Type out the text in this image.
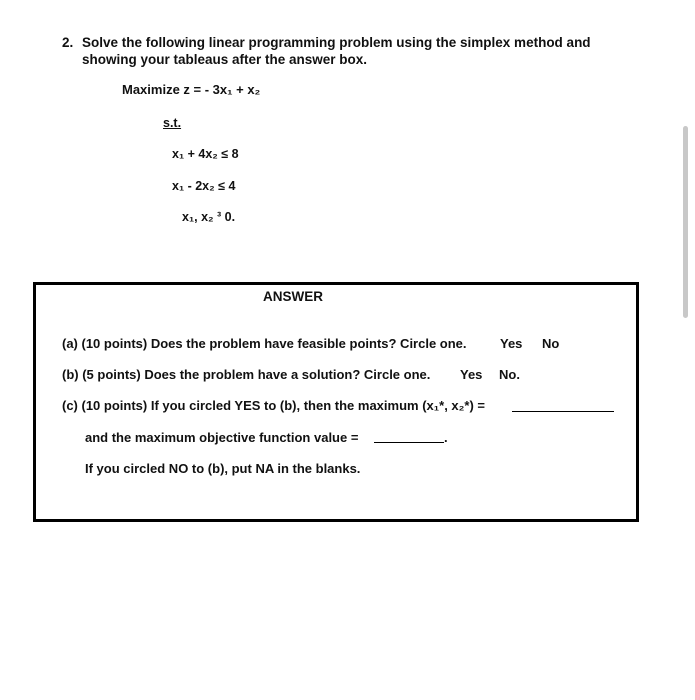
2. Solve the following linear programming problem using the simplex method and
showing your tableaus after the answer box.
Maximize z = - 3x₁ + x₂
s.t.
x₁ + 4x₂ ≤ 8
x₁ - 2x₂ ≤ 4
x₁, x₂ ³ 0.
ANSWER
(a) (10 points) Does the problem have feasible points? Circle one.	Yes No
(b) (5 points) Does the problem have a solution? Circle one. Yes No.
(c) (10 points) If you circled YES to (b), then the maximum (x₁*, x₂*) =
and the maximum objective function value =	.
If you circled NO to (b), put NA in the blanks.
